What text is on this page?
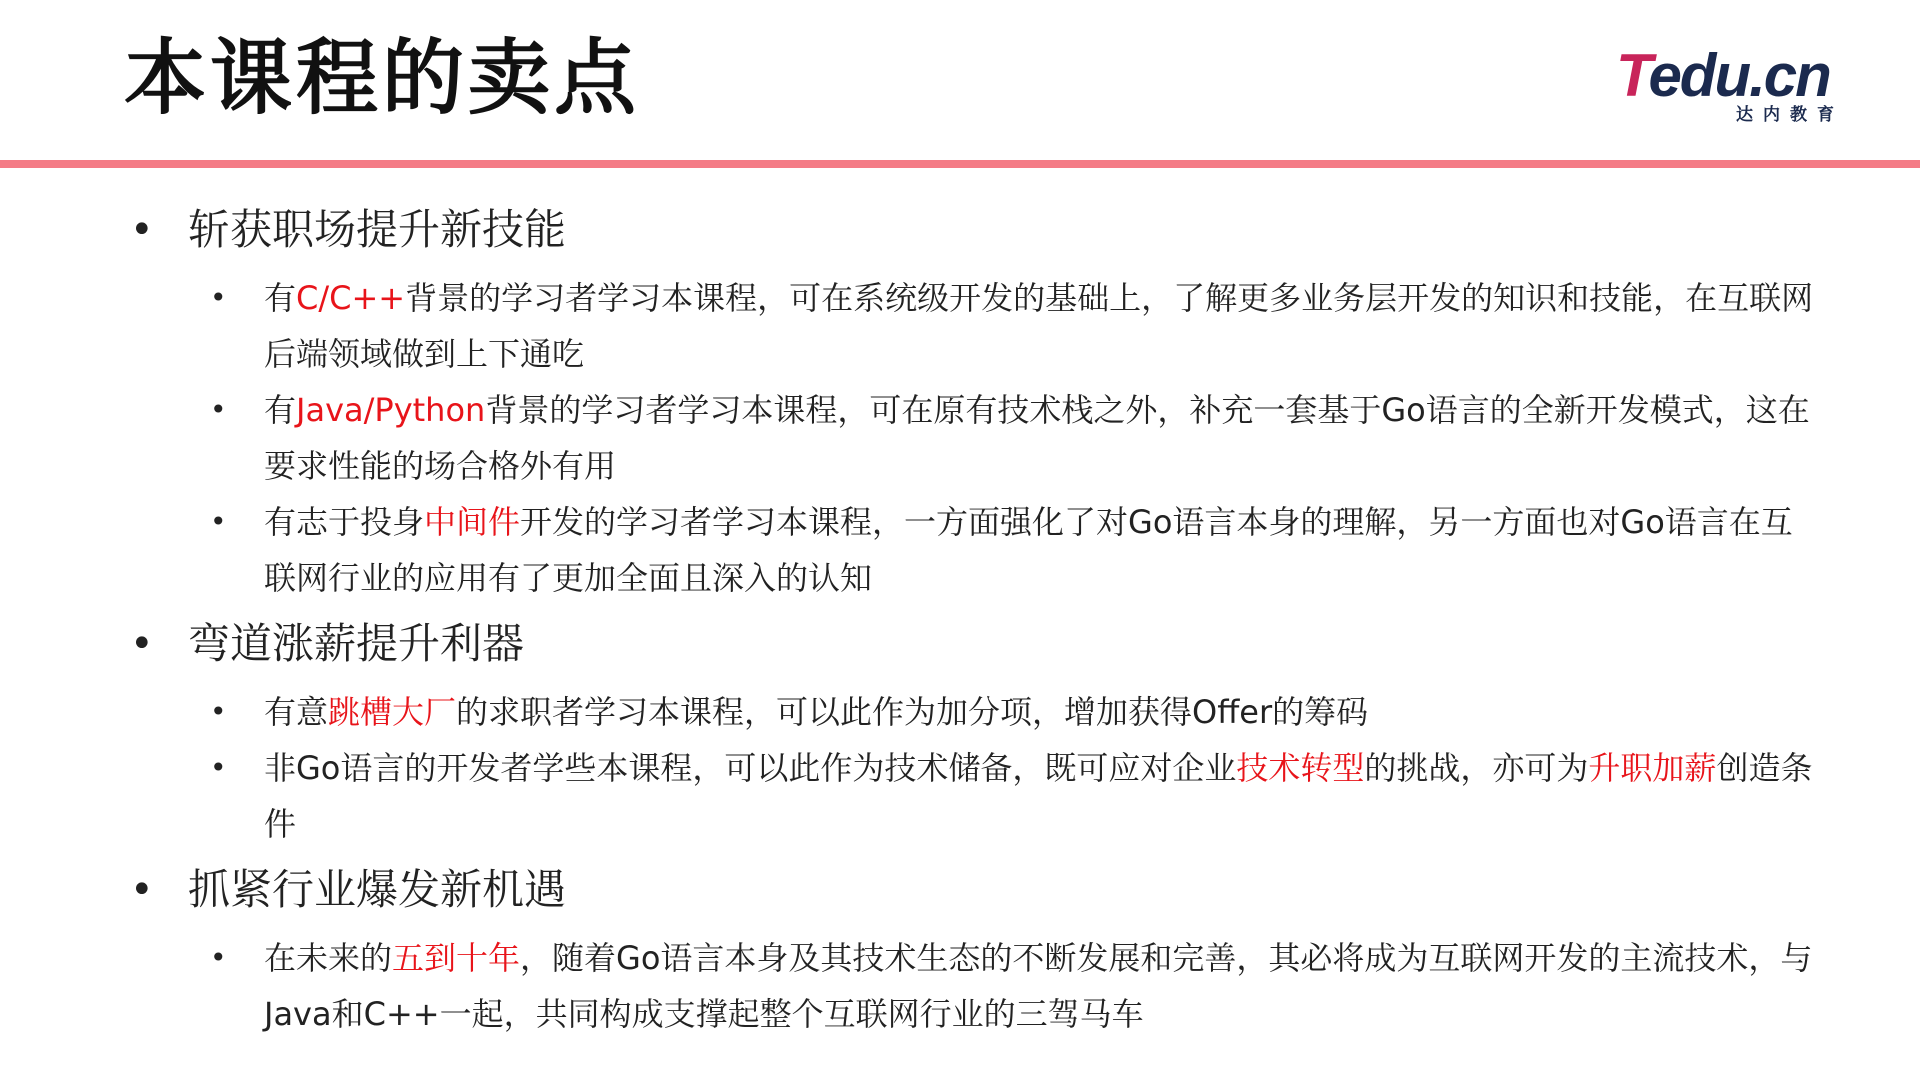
本课程的卖点	Tedu.cn
达内教育
• 斩获职场提升新技能
• 有C/C++背景的学习者学习本课程，可在系统级开发的基础上，了解更多业务层开发的知识和技能，在互联网后端领域做到上下通吃
• 有Java/Python背景的学习者学习本课程，可在原有技术栈之外，补充一套基于Go语言的全新开发模式，这在要求性能的场合格外有用
• 有志于投身中间件开发的学习者学习本课程，一方面强化了对Go语言本身的理解，另一方面也对Go语言在互联网行业的应用有了更加全面且深入的认知
• 弯道涨薪提升利器
• 有意跳槽大厂的求职者学习本课程，可以此作为加分项，增加获得Offer的筹码
• 非Go语言的开发者学些本课程，可以此作为技术储备，既可应对企业技术转型的挑战，亦可为升职加薪创造条件
• 抓紧行业爆发新机遇
• 在未来的五到十年，随着Go语言本身及其技术生态的不断发展和完善，其必将成为互联网开发的主流技术，与Java和C++一起，共同构成支撑起整个互联网行业的三驾马车
